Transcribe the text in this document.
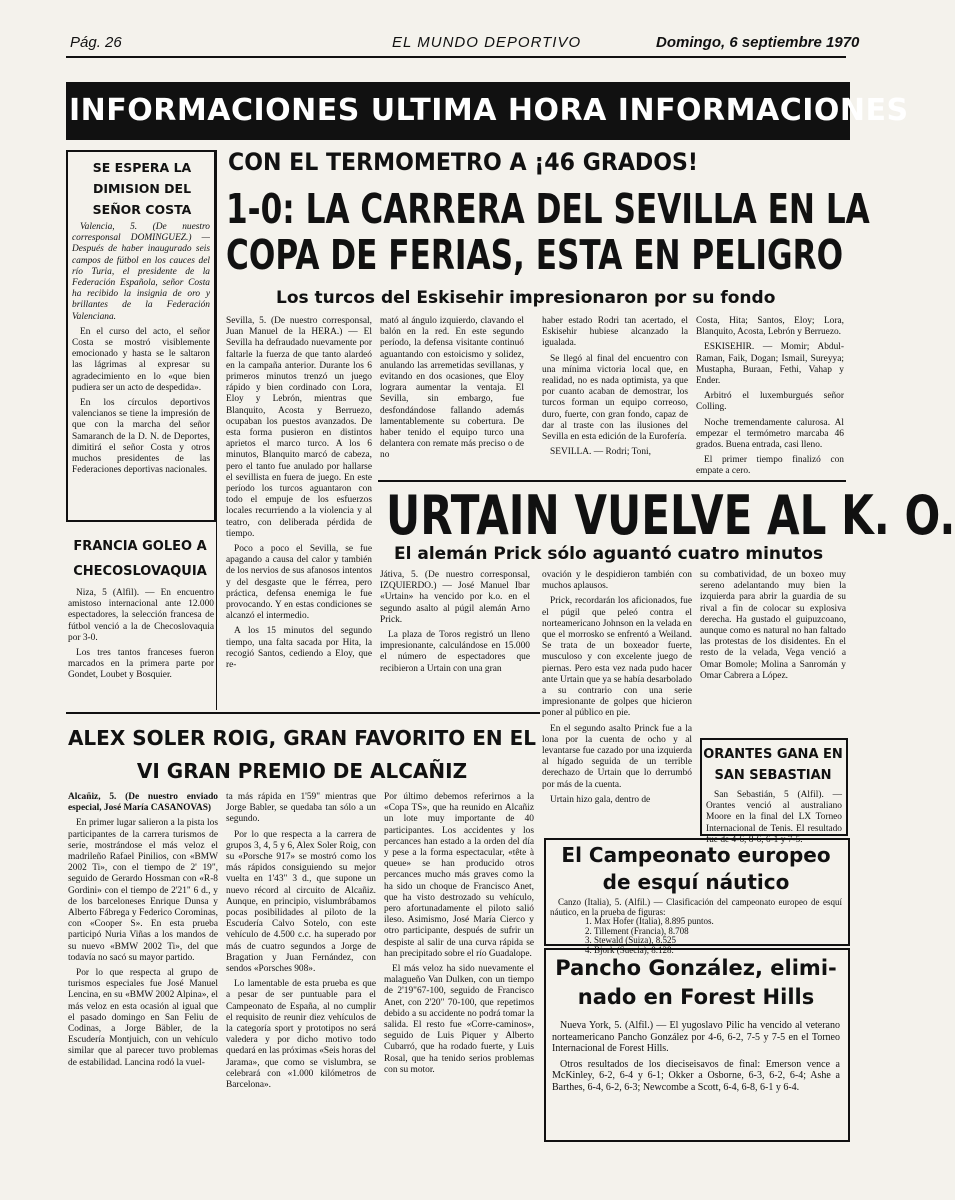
Pág. 26	EL MUNDO DEPORTIVO	Domingo, 6 septiembre 1970
INFORMACIONES ULTIMA HORA INFORMACIONES
SE ESPERA LA
DIMISION DEL
SEÑOR COSTA

Valencia, 5. (De nuestro corresponsal DOMINGUEZ.) — Después de haber inaugurado seis campos de fútbol en los cauces del río Turia, el presidente de la Federación Española, señor Costa ha recibido la insignia de oro y brillantes de la Federación Valenciana.

En el curso del acto, el señor Costa se mostró visiblemente emocionado y hasta se le saltaron las lágrimas al expresar su agradecimiento en lo «que bien pudiera ser un acto de despedida».

En los círculos deportivos valencianos se tiene la impresión de que con la marcha del señor Samaranch de la D. N. de Deportes, dimitirá el señor Costa y otros muchos presidentes de las Federaciones deportivas nacionales.

FRANCIA GOLEO A
CHECOSLOVAQUIA

Niza, 5 (Alfil). — En encuentro amistoso internacional ante 12.000 espectadores, la selección francesa de fútbol venció a la de Checoslovaquia por 3-0.

Los tres tantos franceses fueron marcados en la primera parte por Gondet, Loubet y Bosquier.

CON EL TERMOMETRO A ¡46 GRADOS!
1-0: LA CARRERA DEL SEVILLA EN LA
COPA DE FERIAS, ESTA EN PELIGRO
Los turcos del Eskisehir impresionaron por su fondo

Sevilla, 5. (De nuestro corresponsal, Juan Manuel de la HERA.) — El Sevilla ha defraudado nuevamente por faltarle la fuerza de que tanto alardeó en la campaña anterior. Durante los 6 primeros minutos trenzó un juego rápido y bien cordinado con Lora, Eloy y Lebrón, mientras que Blanquito, Acosta y Berruezo, ocupaban los puestos avanzados. De esta forma pusieron en distintos aprietos el marco turco. A los 6 minutos, Blanquito marcó de cabeza, pero el tanto fue anulado por hallarse el sevillista en fuera de juego. En este período los turcos aguantaron con todo el empuje de los esfuerzos locales recurriendo a la violencia y al teatro, con deliberada pérdida de tiempo.

Poco a poco el Sevilla, se fue apagando a causa del calor y también de los nervios de sus afanosos intentos y del desgaste que le férrea, pero práctica, defensa enemiga le fue provocando. Y en estas condiciones se alcanzó el intermedio.

A los 15 minutos del segundo tiempo, una falta sacada por Hita, la recogió Santos, cediendo a Eloy, que re-

mató al ángulo izquierdo, clavando el balón en la red. En este segundo período, la defensa visitante continuó aguantando con estoicismo y solidez, anulando las arremetidas sevillanas, y evitando en dos ocasiones, que Eloy lograra aumentar la ventaja. El Sevilla, sin embargo, fue desfondándose fallando además lamentablemente su cobertura. De haber tenido el equipo turco una delantera con remate más preciso o de no

haber estado Rodri tan acertado, el Eskisehir hubiese alcanzado la igualada.

Se llegó al final del encuentro con una mínima victoria local que, en realidad, no es nada optimista, ya que por cuanto acaban de demostrar, los turcos forman un equipo correoso, duro, fuerte, con gran fondo, capaz de dar al traste con las ilusiones del Sevilla en esta edición de la Eurofería.

SEVILLA. — Rodri; Toni,

Costa, Hita; Santos, Eloy; Lora, Blanquito, Acosta, Lebrón y Berruezo.

ESKISEHIR. — Momir; Abdul-Raman, Faik, Dogan; Ismail, Sureyya; Mustapha, Buraan, Fethi, Vahap y Ender.

Arbitró el luxemburgués señor Colling.

Noche tremendamente calurosa. Al empezar el termómetro marcaba 46 grados. Buena entrada, casi lleno.

El primer tiempo finalizó con empate a cero.

URTAIN VUELVE AL K. O.
El alemán Prick sólo aguantó cuatro minutos

Játiva, 5. (De nuestro corresponsal, IZQUIERDO.) — José Manuel Ibar «Urtain» ha vencido por k.o. en el segundo asalto al púgil alemán Arno Prick.

La plaza de Toros registró un lleno impresionante, calculándose en 15.000 el número de espectadores que recibieron a Urtain con una gran

ovación y le despidieron también con muchos aplausos.

Prick, recordarán los aficionados, fue el púgil que peleó contra el norteamericano Johnson en la velada en que el morrosko se enfrentó a Weiland. Se trata de un boxeador fuerte, musculoso y con excelente juego de piernas. Pero esta vez nada pudo hacer ante Urtain que ya se había desarbolado a su contrario con una serie impresionante de golpes que hicieron poner al público en pie.

En el segundo asalto Princk fue a la lona por la cuenta de ocho y al levantarse fue cazado por una izquierda al hígado seguida de un terrible derechazo de Urtain que lo derrumbó por más de la cuenta.

Urtain hizo gala, dentro de

su combatividad, de un boxeo muy sereno adelantando muy bien la izquierda para abrir la guardia de su rival a fin de colocar su explosiva derecha. Ha gustado el guipuzcoano, aunque como es natural no han faltado las protestas de los disidentes. En el resto de la velada, Vega venció a Omar Bomole; Molina a Sanromán y Omar Cabrera a López.

ALEX SOLER ROIG, GRAN FAVORITO EN EL
VI GRAN PREMIO DE ALCAÑIZ

Alcañiz, 5. (De nuestro enviado especial, José María CASANOVAS)

En primer lugar salieron a la pista los participantes de la carrera turismos de serie, mostrándose el más veloz el madrileño Rafael Pinilios, con «BMW 2002 Ti», con el tiempo de 2' 19", seguido de Gerardo Hossman con «R-8 Gordini» con el tiempo de 2'21" 6 d., y de los barceloneses Enrique Dunsa y Alberto Fábrega y Federico Corominas, con «Cooper S». En esta prueba participó Nuria Viñas a los mandos de su nuevo «BMW 2002 Ti», del que todavía no sacó su mayor partido.

Por lo que respecta al grupo de turismos especiales fue José Manuel Lencina, en su «BMW 2002 Alpina», el más veloz en esta ocasión al igual que el pasado domingo en San Feliu de Codinas, a Jorge Bäbler, de la Escudería Montjuich, con un vehículo similar que al parecer tuvo problemas de estabilidad. Lancina rodó la vuel-

ta más rápida en 1'59" mientras que Jorge Babler, se quedaba tan sólo a un segundo.

Por lo que respecta a la carrera de grupos 3, 4, 5 y 6, Alex Soler Roig, con su «Porsche 917» se mostró como los más rápidos consiguiendo su mejor vuelta en 1'43" 3 d., que supone un nuevo récord al circuito de Alcañiz. Aunque, en principio, vislumbrábamos pocas posibilidades al piloto de la Escudería Calvo Sotelo, con este vehículo de 4.500 c.c. ha superado por más de cuatro segundos a Jorge de Bragation y Juan Fernández, con sendos «Porsches 908».

Lo lamentable de esta prueba es que a pesar de ser puntuable para el Campeonato de España, al no cumplir el requisito de reunir diez vehículos de la categoría sport y prototipos no será valedera y por dicho motivo todo quedará en las próximas «Seis horas del Jarama», que como se vislumbra, se celebrará con «1.000 kilómetros de Barcelona».

Por último debemos referirnos a la «Copa TS», que ha reunido en Alcañiz un lote muy importante de 40 participantes. Los accidentes y los percances han estado a la orden del día y pese a la forma espectacular, «tête à queue» se han producido otros percances mucho más graves como la ha sido un choque de Francisco Anet, que ha visto destrozado su vehículo, pero afortunadamente el piloto salió ileso. Asimismo, José María Cierco y otro participante, después de sufrir un despiste al salir de una curva rápida se han precipitado sobre el río Guadalope.

El más veloz ha sido nuevamente el malagueño Van Dulken, con un tiempo de 2'19"67-100, seguido de Francisco Anet, con 2'20" 70-100, que repetimos debido a su accidente no podrá tomar la salida. El resto fue «Corre-caminos», seguido de Luis Piquer y Alberto Cubarró, que ha rodado fuerte, y Luis Rosal, que ha tenido serios problemas con su motor.

ORANTES GANA EN
SAN SEBASTIAN

San Sebastián, 5 (Alfil). — Orantes venció al australiano Moore en la final del LX Torneo Internacional de Tenis. El resultado fue de 4-6, 8-6, 6-1 y 7-5.

El Campeonato europeo
de esquí náutico

Canzo (Italia), 5. (Alfil.) — Clasificación del campeonato europeo de esquí náutico, en la prueba de figuras:

1. Max Hofer (Italia), 8.895 puntos.
2. Tillement (Francia), 8.708
3. Stewald (Suiza), 8.525
4. Bjork (Suecia), 8.128.
Pancho González, elimi-
nado en Forest Hills

Nueva York, 5. (Alfil.) — El yugoslavo Pilic ha vencido al veterano norteamericano Pancho González por 4-6, 6-2, 7-5 y 7-5 en el Torneo Internacional de Forest Hills.

Otros resultados de los dieciseisavos de final: Emerson vence a McKinley, 6-2, 6-4 y 6-1; Okker a Osborne, 6-3, 6-2, 6-4; Ashe a Barthes, 6-4, 6-2, 6-3; Newcombe a Scott, 6-4, 6-8, 6-1 y 6-4.
